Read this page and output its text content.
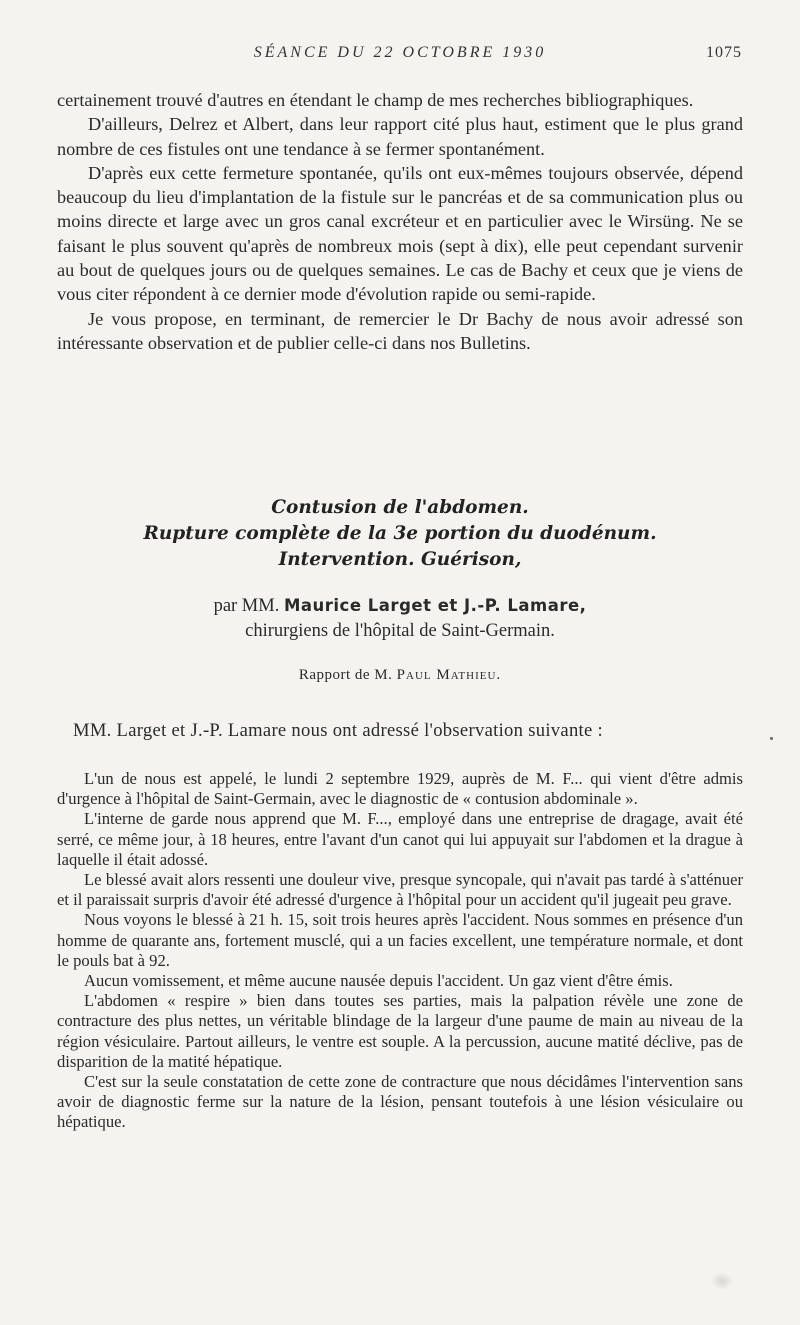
SÉANCE DU 22 OCTOBRE 1930	1075

certainement trouvé d'autres en étendant le champ de mes recherches bibliographiques.

D'ailleurs, Delrez et Albert, dans leur rapport cité plus haut, estiment que le plus grand nombre de ces fistules ont une tendance à se fermer spontanément.

D'après eux cette fermeture spontanée, qu'ils ont eux-mêmes toujours observée, dépend beaucoup du lieu d'implantation de la fistule sur le pancréas et de sa communication plus ou moins directe et large avec un gros canal excréteur et en particulier avec le Wirsüng. Ne se faisant le plus souvent qu'après de nombreux mois (sept à dix), elle peut cependant survenir au bout de quelques jours ou de quelques semaines. Le cas de Bachy et ceux que je viens de vous citer répondent à ce dernier mode d'évolution rapide ou semi-rapide.

Je vous propose, en terminant, de remercier le Dr Bachy de nous avoir adressé son intéressante observation et de publier celle-ci dans nos Bulletins.

Contusion de l'abdomen.
Rupture complète de la 3e portion du duodénum.
Intervention. Guérison,
par MM. Maurice Larget et J.-P. Lamare,
chirurgiens de l'hôpital de Saint-Germain.
Rapport de M. Paul Mathieu.
MM. Larget et J.-P. Lamare nous ont adressé l'observation suivante :

L'un de nous est appelé, le lundi 2 septembre 1929, auprès de M. F... qui vient d'être admis d'urgence à l'hôpital de Saint-Germain, avec le diagnostic de « contusion abdominale ».

L'interne de garde nous apprend que M. F..., employé dans une entreprise de dragage, avait été serré, ce même jour, à 18 heures, entre l'avant d'un canot qui lui appuyait sur l'abdomen et la drague à laquelle il était adossé.

Le blessé avait alors ressenti une douleur vive, presque syncopale, qui n'avait pas tardé à s'atténuer et il paraissait surpris d'avoir été adressé d'urgence à l'hôpital pour un accident qu'il jugeait peu grave.

Nous voyons le blessé à 21 h. 15, soit trois heures après l'accident. Nous sommes en présence d'un homme de quarante ans, fortement musclé, qui a un facies excellent, une température normale, et dont le pouls bat à 92.

Aucun vomissement, et même aucune nausée depuis l'accident. Un gaz vient d'être émis.

L'abdomen « respire » bien dans toutes ses parties, mais la palpation révèle une zone de contracture des plus nettes, un véritable blindage de la largeur d'une paume de main au niveau de la région vésiculaire. Partout ailleurs, le ventre est souple. A la percussion, aucune matité déclive, pas de disparition de la matité hépatique.

C'est sur la seule constatation de cette zone de contracture que nous décidâmes l'intervention sans avoir de diagnostic ferme sur la nature de la lésion, pensant toutefois à une lésion vésiculaire ou hépatique.
